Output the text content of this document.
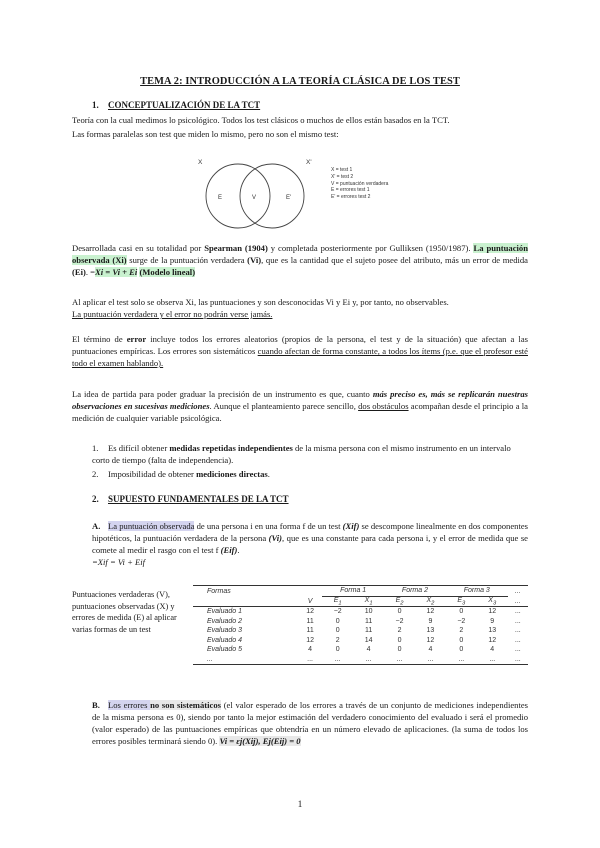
TEMA 2: INTRODUCCIÓN A LA TEORÍA CLÁSICA DE LOS TEST
1. CONCEPTUALIZACIÓN DE LA TCT

Teoría con la cual medimos lo psicológico. Todos los test clásicos o muchos de ellos están basados en la TCT.

Las formas paralelas son test que miden lo mismo, pero no son el mismo test:

X	X'
E	V	E'
X = test 1
X' = test 2
V = puntuación verdadera
E = errores test 1
E' = errores test 2

Desarrollada casi en su totalidad por Spearman (1904) y completada posteriormente por Gulliksen (1950/1987). La puntuación observada (Xi) surge de la puntuación verdadera (Vi), que es la cantidad que el sujeto posee del atributo, más un error de medida (Ei). =Xi = Vi + Ei (Modelo lineal)

Al aplicar el test solo se observa Xi, las puntuaciones y son desconocidas Vi y Ei y, por tanto, no observables.
La puntuación verdadera y el error no podrán verse jamás.

El término de error incluye todos los errores aleatorios (propios de la persona, el test y de la situación) que afectan a las puntuaciones empíricas. Los errores son sistemáticos cuando afectan de forma constante, a todos los ítems (p.e. que el profesor esté todo el examen hablando).

La idea de partida para poder graduar la precisión de un instrumento es que, cuanto más preciso es, más se replicarán nuestras observaciones en sucesivas mediciones. Aunque el planteamiento parece sencillo, dos obstáculos acompañan desde el principio a la medición de cualquier variable psicológica.

1. Es difícil obtener medidas repetidas independientes de la misma persona con el mismo instrumento en un intervalo corto de tiempo (falta de independencia).
2. Imposibilidad de obtener mediciones directas.
2. SUPUESTO FUNDAMENTALES DE LA TCT

A. La puntuación observada de una persona i en una forma f de un test (Xif) se descompone linealmente en dos componentes hipotéticos, la puntuación verdadera de la persona (Vi), que es una constante para cada persona i, y el error de medida que se comete al medir el rasgo con el test f (Eif).
=Xif = Vi + Eif

Puntuaciones verdaderas (V), puntuaciones observadas (X) y errores de medida (E) al aplicar varias formas de un test
Formas		Forma 1		Forma 2		Forma 3		...
	V	$E_1$	$X_1$	$E_2$	$X_2$	$E_3$	$X_3$	...
Evaluado 1	12	−2	10	0	12	0	12	...
Evaluado 2	11	0	11	−2	9	−2	9	...
Evaluado 3	11	0	11	2	13	2	13	...
Evaluado 4	12	2	14	0	12	0	12	...
Evaluado 5	4	0	4	0	4	0	4	...
...	...	...	...	...	...	...	...	...

B. Los errores no son sistemáticos (el valor esperado de los errores a través de un conjunto de mediciones independientes de la misma persona es 0), siendo por tanto la mejor estimación del verdadero conocimiento del evaluado i será el promedio (valor esperado) de las puntuaciones empíricas que obtendría en un número elevado de aplicaciones. (la suma de todos los errores posibles terminará siendo 0). Vi = εj(Xij), Ej(Eij) = 0

1
